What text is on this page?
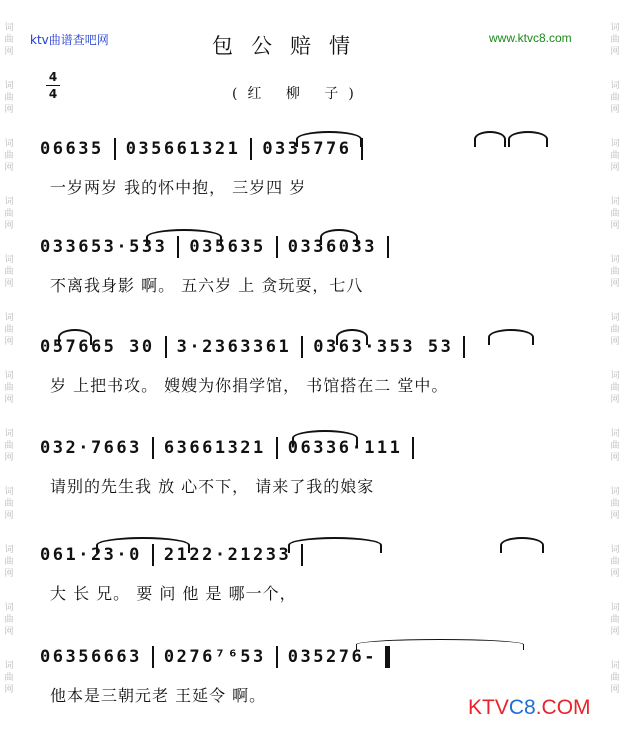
词
曲
网
词
曲
网
词
曲
网
词
曲
网
词
曲
网
词
曲
网
词
曲
网
词
曲
网
词
曲
网
词
曲
网
词
曲
网
词
曲
网
词
曲
网
词
曲
网
词
曲
网
词
曲
网
词
曲
网
词
曲
网
词
曲
网
词
曲
网
词
曲
网
词
曲
网
词
曲
网
词
曲
网
ktv曲谱查吧网	www.ktvc8.com
包公赔情
(红 柳 子)
4
4
06635 035661321 0335776
一岁两岁 我的怀中抱， 三岁四 岁
033653·533 035635 0336033
不离我身影 啊。 五六岁 上 贪玩耍，七八
057665 30 3·2363361 0363·353 53
岁 上把书攻。 嫂嫂为你捐学馆， 书馆搭在二 堂中。
032·7663 63661321 06336·111
请别的先生我 放 心不下， 请来了我的娘家
061·23·0 2122·21233
大 长 兄。 要 问 他 是 哪一个，
06356663 0276⁷⁶53 035276-
他本是三朝元老 王延令 啊。
KTVC8.COM
